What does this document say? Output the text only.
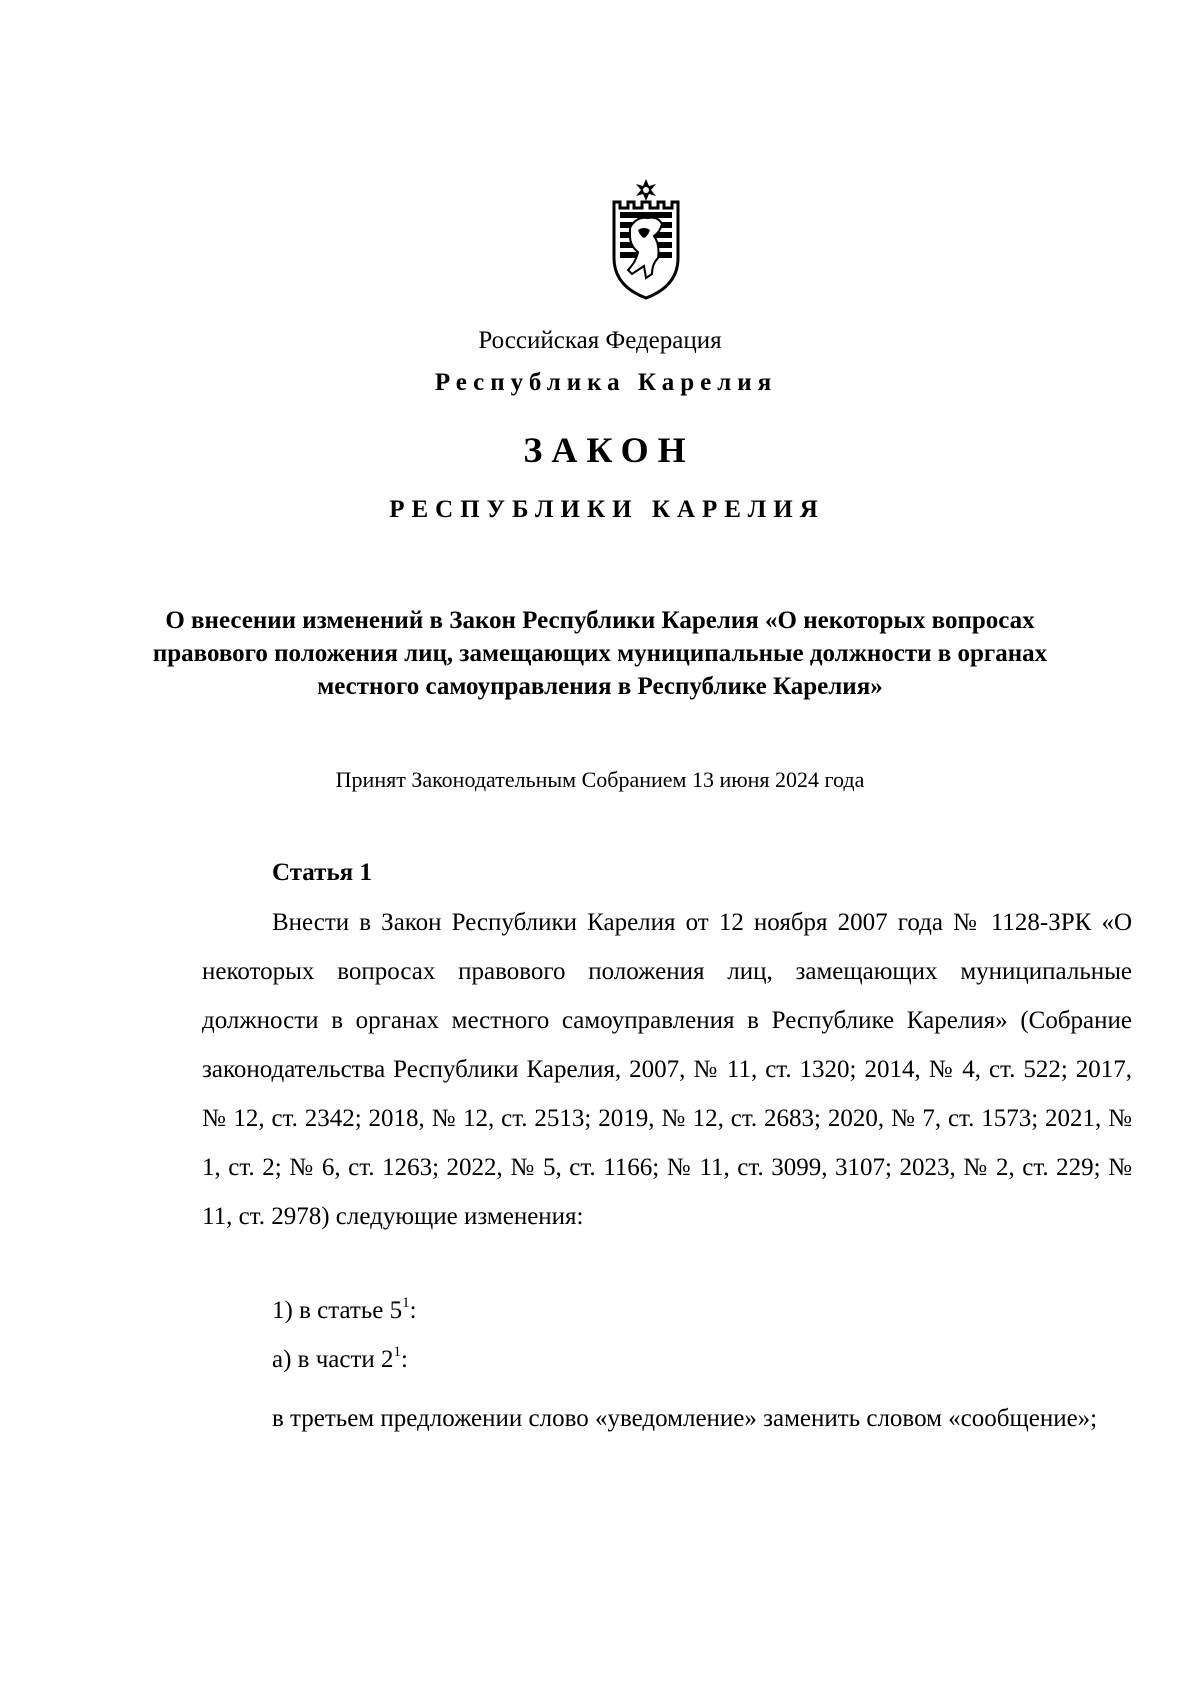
Российская Федерация
Республика Карелия
ЗАКОН
РЕСПУБЛИКИ КАРЕЛИЯ
О внесении изменений в Закон Республики Карелия «О некоторых вопросах правового положения лиц, замещающих муниципальные должности в органах местного самоуправления в Республике Карелия»
Принят Законодательным Собранием 13 июня 2024 года
Статья 1

Внести в Закон Республики Карелия от 12 ноября 2007 года № 1128-ЗРК «О некоторых вопросах правового положения лиц, замещающих муниципальные должности в органах местного самоуправления в Республике Карелия» (Собрание законодательства Республики Карелия, 2007, № 11, ст. 1320; 2014, № 4, ст. 522; 2017, № 12, ст. 2342; 2018, № 12, ст. 2513; 2019, № 12, ст. 2683; 2020, № 7, ст. 1573; 2021, № 1, ст. 2; № 6, ст. 1263; 2022, № 5, ст. 1166; № 11, ст. 3099, 3107; 2023, № 2, ст. 229; № 11, ст. 2978) следующие изменения:

1) в статье $5^1$:
а) в части $2^1$:

в третьем предложении слово «уведомление» заменить словом «сообщение»;
